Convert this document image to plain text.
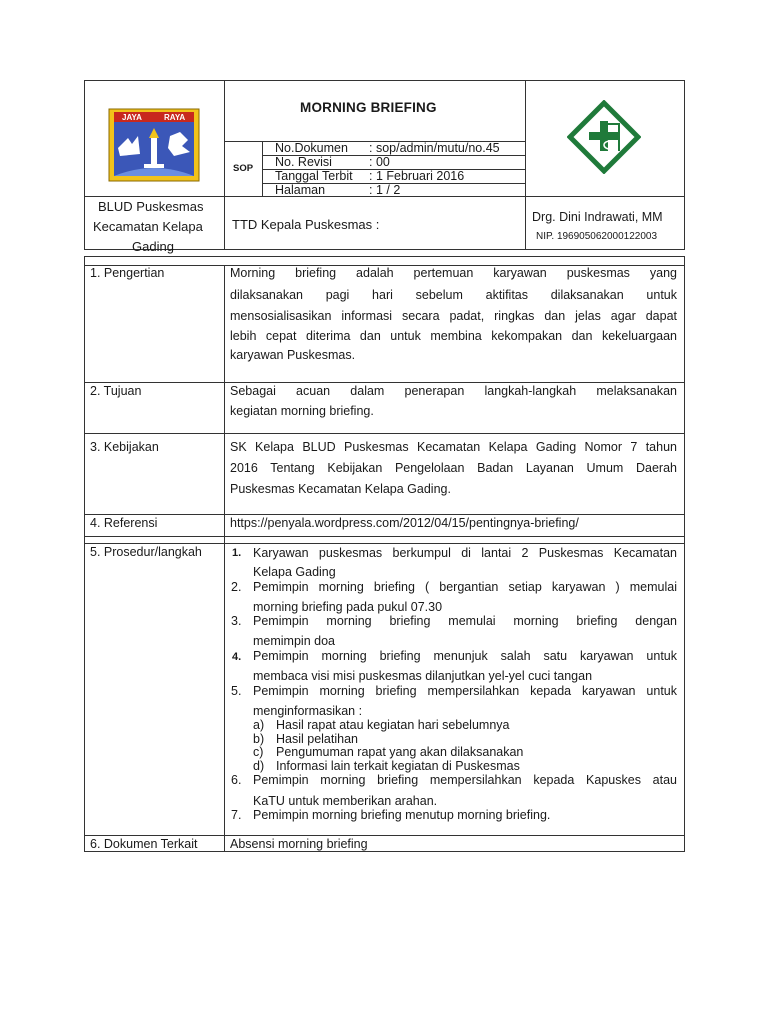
JAYA	RAYA
MORNING BRIEFING
SOP
No.Dokumen : sop/admin/mutu/no.45
No. Revisi	: 00
Tanggal Terbit : 1 Februari 2016
Halaman	: 1 / 2
BLUD Puskesmas
Kecamatan Kelapa
Gading
TTD Kepala Puskesmas :	Drg. Dini Indrawati, MM
NIP. 196905062000122003
1. Pengertian	Morning briefing adalah pertemuan karyawan puskesmas yang
dilaksanakan pagi hari sebelum aktifitas dilaksanakan untuk
mensosialisasikan informasi secara padat, ringkas dan jelas agar dapat
lebih cepat diterima dan untuk membina kekompakan dan kekeluargaan
karyawan Puskesmas.
2. Tujuan	Sebagai acuan dalam penerapan langkah-langkah melaksanakan
kegiatan morning briefing.
3. Kebijakan	SK Kelapa BLUD Puskesmas Kecamatan Kelapa Gading Nomor 7 tahun
2016 Tentang Kebijakan Pengelolaan Badan Layanan Umum Daerah
Puskesmas Kecamatan Kelapa Gading.
4. Referensi	https://penyala.wordpress.com/2012/04/15/pentingnya-briefing/
5. Prosedur/langkah	1. Karyawan puskesmas berkumpul di lantai 2 Puskesmas Kecamatan
Kelapa Gading
2. Pemimpin morning briefing ( bergantian setiap karyawan ) memulai
morning briefing pada pukul 07.30
3. Pemimpin morning briefing memulai morning briefing dengan
memimpin doa
4. Pemimpin morning briefing menunjuk salah satu karyawan untuk
membaca visi misi puskesmas dilanjutkan yel-yel cuci tangan
5. Pemimpin morning briefing mempersilahkan kepada karyawan untuk
menginformasikan :
a) Hasil rapat atau kegiatan hari sebelumnya
b) Hasil pelatihan
c) Pengumuman rapat yang akan dilaksanakan
d) Informasi lain terkait kegiatan di Puskesmas
6. Pemimpin morning briefing mempersilahkan kepada Kapuskes atau
KaTU untuk memberikan arahan.
7. Pemimpin morning briefing menutup morning briefing.
6. Dokumen Terkait	Absensi morning briefing
